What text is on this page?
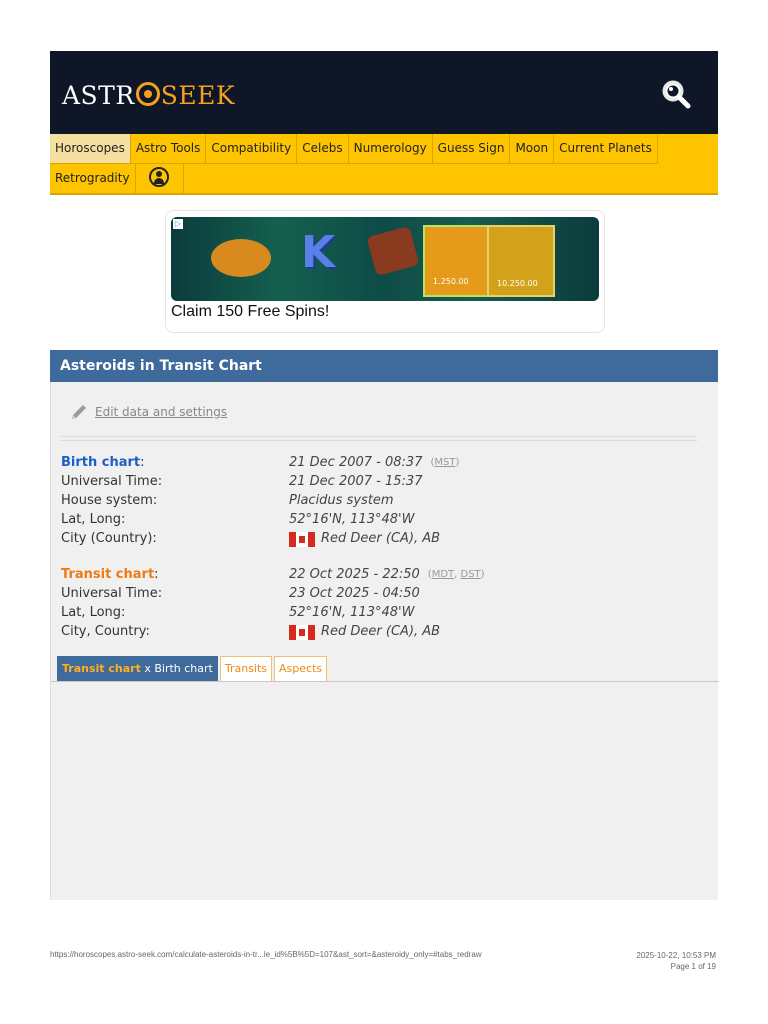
ASTR SEEK
Horoscopes Astro Tools Compatibility Celebs Numerology Guess Sign Moon Current Planets
Retrogradity
▷
K
1.250.00	10.250.00
Claim 150 Free Spins!
Asteroids in Transit Chart
Edit data and settings
Birth chart:	21 Dec 2007 - 08:37 (MST)
Universal Time:	21 Dec 2007 - 15:37
House system:	Placidus system
Lat, Long:	52°16'N, 113°48'W
City (Country):	Red Deer (CA), AB
Transit chart:	22 Oct 2025 - 22:50 (MDT, DST)
Universal Time:	23 Oct 2025 - 04:50
Lat, Long:	52°16'N, 113°48'W
City, Country:	Red Deer (CA), AB
Transit chart x Birth chart	Transits	Aspects
https://horoscopes.astro-seek.com/calculate-asteroids-in-tr...le_id%5B%5D=107&ast_sort=&asteroidy_only=#tabs_redraw	2025-10-22, 10:53 PM
Page 1 of 19
